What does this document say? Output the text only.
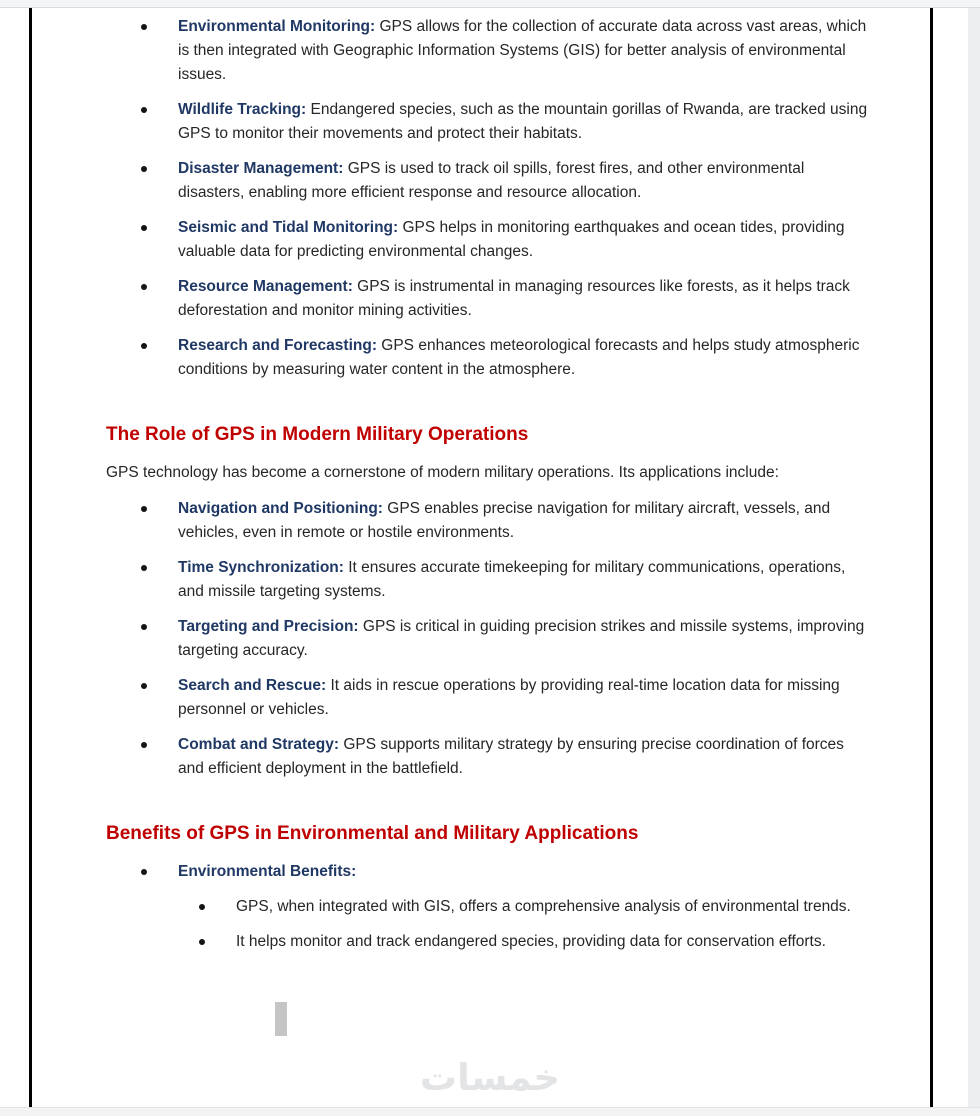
Environmental Monitoring: GPS allows for the collection of accurate data across vast areas, which is then integrated with Geographic Information Systems (GIS) for better analysis of environmental issues.
Wildlife Tracking: Endangered species, such as the mountain gorillas of Rwanda, are tracked using GPS to monitor their movements and protect their habitats.
Disaster Management: GPS is used to track oil spills, forest fires, and other environmental disasters, enabling more efficient response and resource allocation.
Seismic and Tidal Monitoring: GPS helps in monitoring earthquakes and ocean tides, providing valuable data for predicting environmental changes.
Resource Management: GPS is instrumental in managing resources like forests, as it helps track deforestation and monitor mining activities.
Research and Forecasting: GPS enhances meteorological forecasts and helps study atmospheric conditions by measuring water content in the atmosphere.
The Role of GPS in Modern Military Operations

GPS technology has become a cornerstone of modern military operations. Its applications include:

Navigation and Positioning: GPS enables precise navigation for military aircraft, vessels, and vehicles, even in remote or hostile environments.
Time Synchronization: It ensures accurate timekeeping for military communications, operations, and missile targeting systems.
Targeting and Precision: GPS is critical in guiding precision strikes and missile systems, improving targeting accuracy.
Search and Rescue: It aids in rescue operations by providing real-time location data for missing personnel or vehicles.
Combat and Strategy: GPS supports military strategy by ensuring precise coordination of forces and efficient deployment in the battlefield.
Benefits of GPS in Environmental and Military Applications
Environmental Benefits:
GPS, when integrated with GIS, offers a comprehensive analysis of environmental trends.
It helps monitor and track endangered species, providing data for conservation efforts.
خمسات
